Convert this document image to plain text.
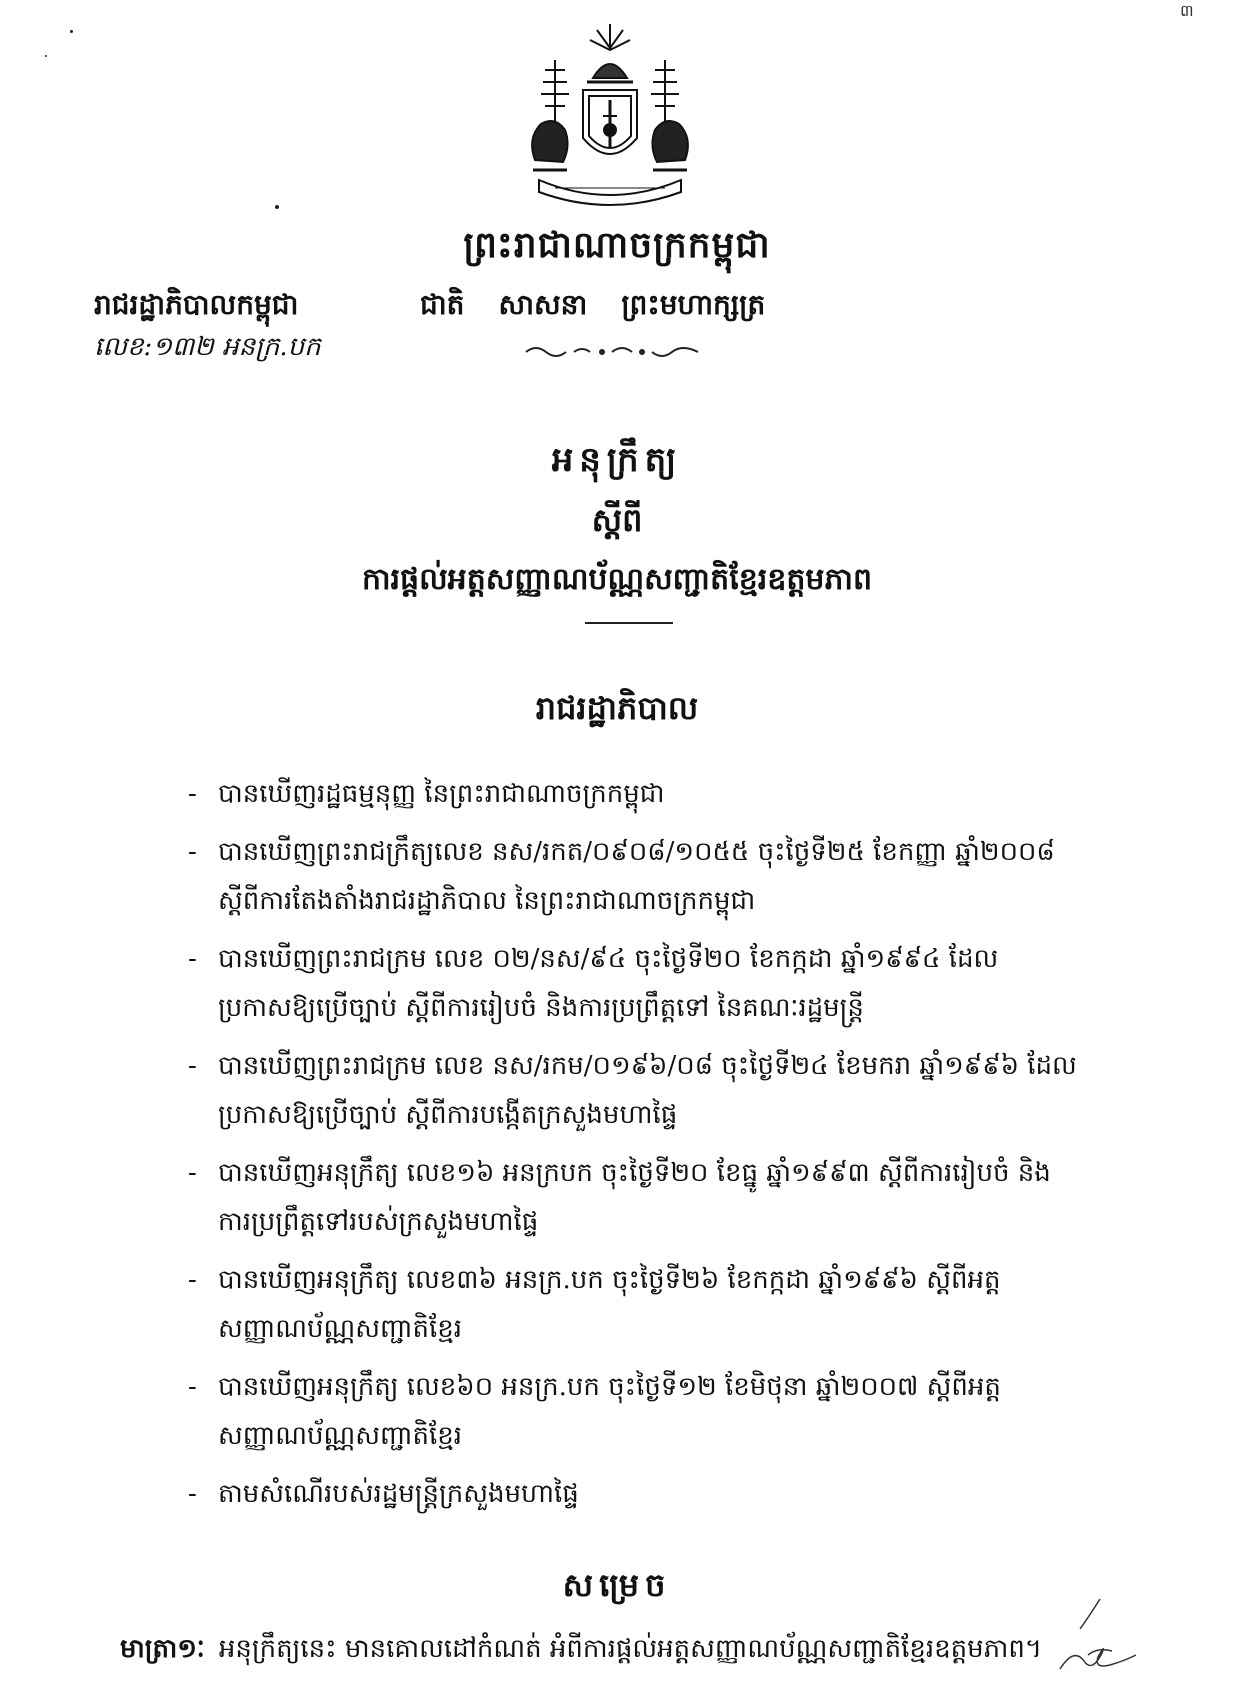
៣
ព្រះរាជាណាចក្រកម្ពុជា
រាជរដ្ឋាភិបាលកម្ពុជា
លេខ:១៣២ អនក្រ.បក
ជាតិ សាសនា ព្រះមហាក្សត្រ
អនុក្រឹត្យ
ស្តីពី
ការផ្តល់អត្តសញ្ញាណប័ណ្ណសញ្ជាតិខ្មែរឧត្តមភាព
រាជរដ្ឋាភិបាល
- បានឃើញរដ្ឋធម្មនុញ្ញ នៃព្រះរាជាណាចក្រកម្ពុជា
- បានឃើញព្រះរាជក្រឹត្យលេខ នស/រកត/០៩០៨/១០៥៥ ចុះថ្ងៃទី២៥ ខែកញ្ញា ឆ្នាំ២០០៨ ស្តីពីការតែងតាំងរាជរដ្ឋាភិបាល នៃព្រះរាជាណាចក្រកម្ពុជា
- បានឃើញព្រះរាជក្រម លេខ ០២/នស/៩៤ ចុះថ្ងៃទី២០ ខែកក្កដា ឆ្នាំ១៩៩៤ ដែលប្រកាសឱ្យប្រើច្បាប់ ស្តីពីការរៀបចំ និងការប្រព្រឹត្តទៅ នៃគណៈរដ្ឋមន្ត្រី
- បានឃើញព្រះរាជក្រម លេខ នស/រកម/០១៩៦/០៨ ចុះថ្ងៃទី២៤ ខែមករា ឆ្នាំ១៩៩៦ ដែលប្រកាសឱ្យប្រើច្បាប់ ស្តីពីការបង្កើតក្រសួងមហាផ្ទៃ
- បានឃើញអនុក្រឹត្យ លេខ១៦ អនក្របក ចុះថ្ងៃទី២០ ខែធ្នូ ឆ្នាំ១៩៩៣ ស្តីពីការរៀបចំ និងការប្រព្រឹត្តទៅរបស់ក្រសួងមហាផ្ទៃ
- បានឃើញអនុក្រឹត្យ លេខ៣៦ អនក្រ.បក ចុះថ្ងៃទី២៦ ខែកក្កដា ឆ្នាំ១៩៩៦ ស្តីពីអត្តសញ្ញាណប័ណ្ណសញ្ជាតិខ្មែរ
- បានឃើញអនុក្រឹត្យ លេខ៦០ អនក្រ.បក ចុះថ្ងៃទី១២ ខែមិថុនា ឆ្នាំ២០០៧ ស្តីពីអត្តសញ្ញាណប័ណ្ណសញ្ជាតិខ្មែរ
- តាមសំណើរបស់រដ្ឋមន្ត្រីក្រសួងមហាផ្ទៃ
សម្រេច
មាត្រា១ៈ អនុក្រឹត្យនេះ មានគោលដៅកំណត់ អំពីការផ្តល់អត្តសញ្ញាណប័ណ្ណសញ្ជាតិខ្មែរឧត្តមភាព។
